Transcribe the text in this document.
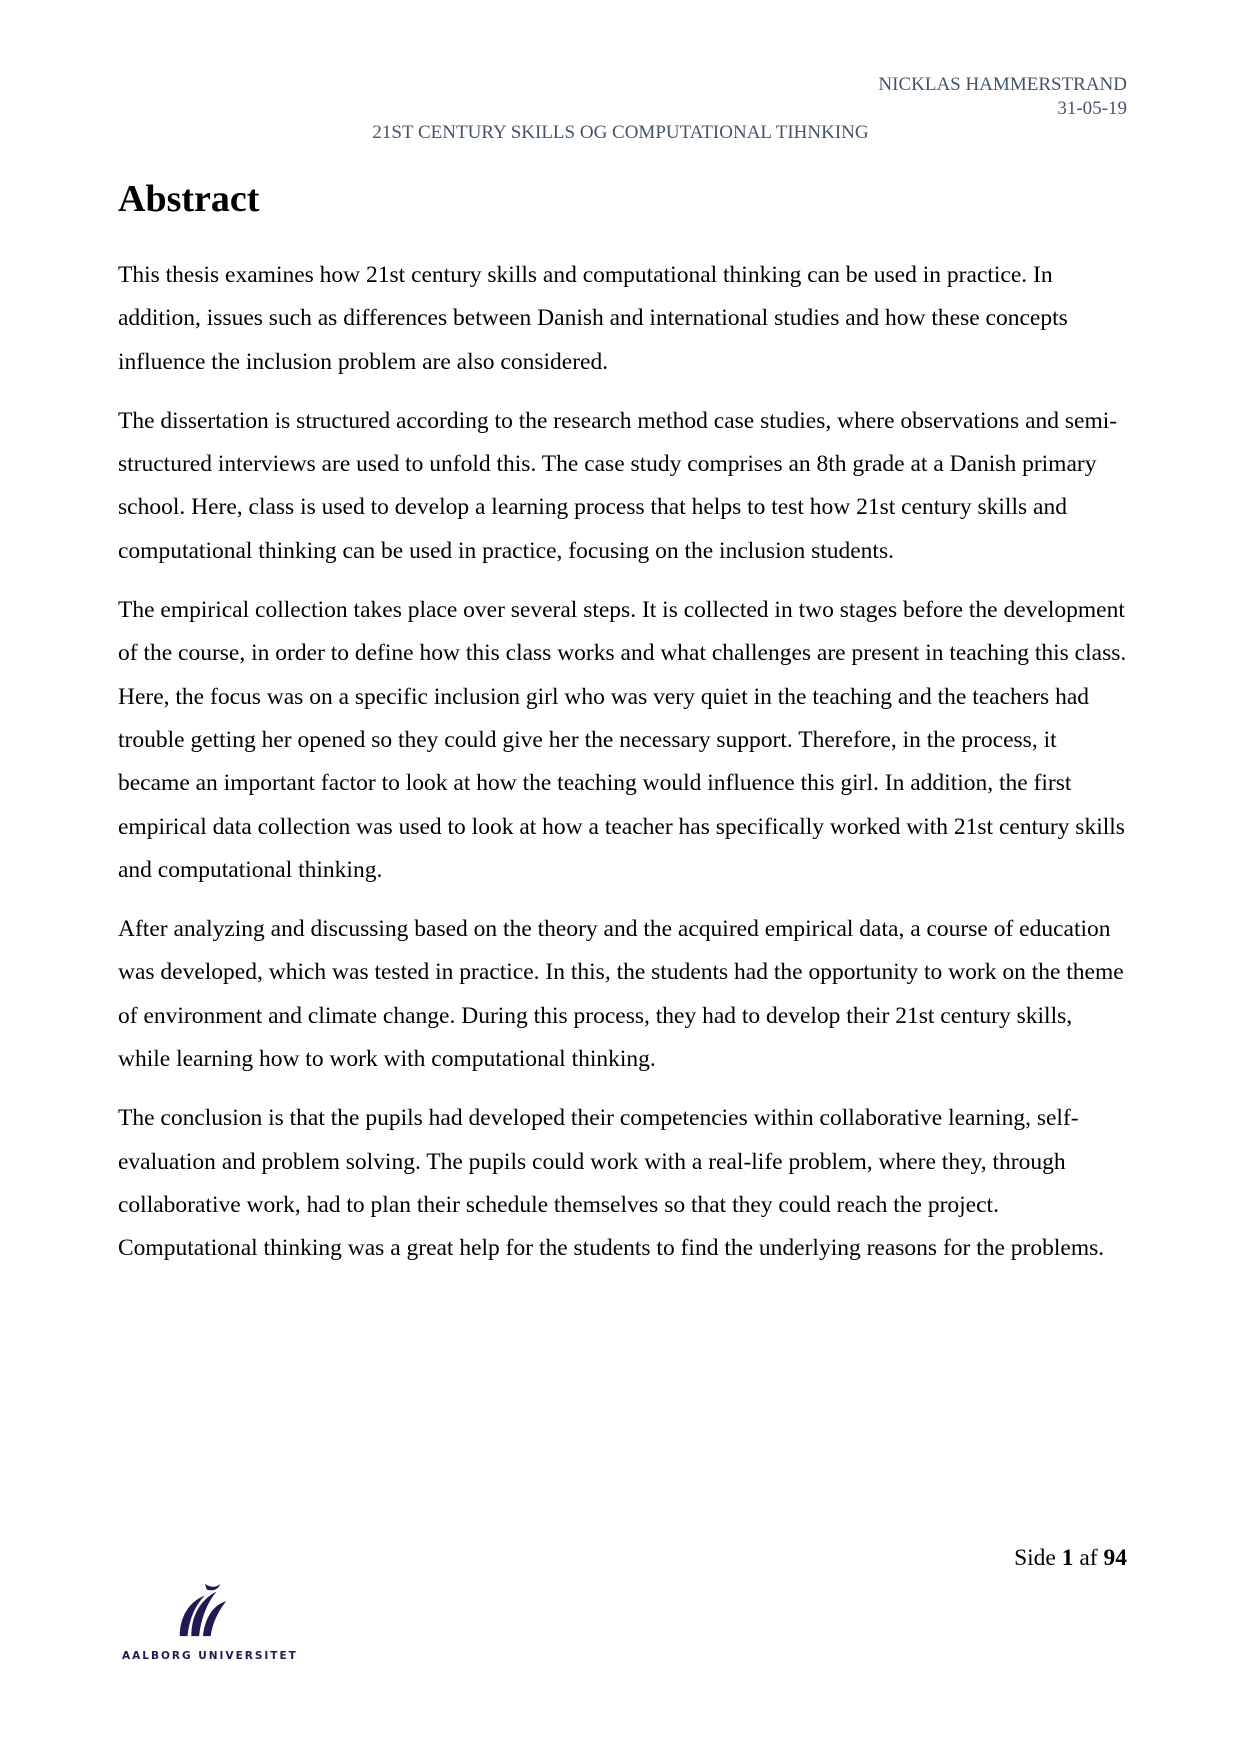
NICKLAS HAMMERSTRAND
31-05-19
21ST CENTURY SKILLS OG COMPUTATIONAL TIHNKING
Abstract

This thesis examines how 21st century skills and computational thinking can be used in practice. In addition, issues such as differences between Danish and international studies and how these concepts influence the inclusion problem are also considered.

The dissertation is structured according to the research method case studies, where observations and semi-structured interviews are used to unfold this. The case study comprises an 8th grade at a Danish primary school. Here, class is used to develop a learning process that helps to test how 21st century skills and computational thinking can be used in practice, focusing on the inclusion students.

The empirical collection takes place over several steps. It is collected in two stages before the development of the course, in order to define how this class works and what challenges are present in teaching this class. Here, the focus was on a specific inclusion girl who was very quiet in the teaching and the teachers had trouble getting her opened so they could give her the necessary support. Therefore, in the process, it became an important factor to look at how the teaching would influence this girl. In addition, the first empirical data collection was used to look at how a teacher has specifically worked with 21st century skills and computational thinking.

After analyzing and discussing based on the theory and the acquired empirical data, a course of education was developed, which was tested in practice. In this, the students had the opportunity to work on the theme of environment and climate change. During this process, they had to develop their 21st century skills, while learning how to work with computational thinking.

The conclusion is that the pupils had developed their competencies within collaborative learning, self-evaluation and problem solving. The pupils could work with a real-life problem, where they, through collaborative work, had to plan their schedule themselves so that they could reach the project. Computational thinking was a great help for the students to find the underlying reasons for the problems.

Side 1 af 94
AALBORG UNIVERSITET
